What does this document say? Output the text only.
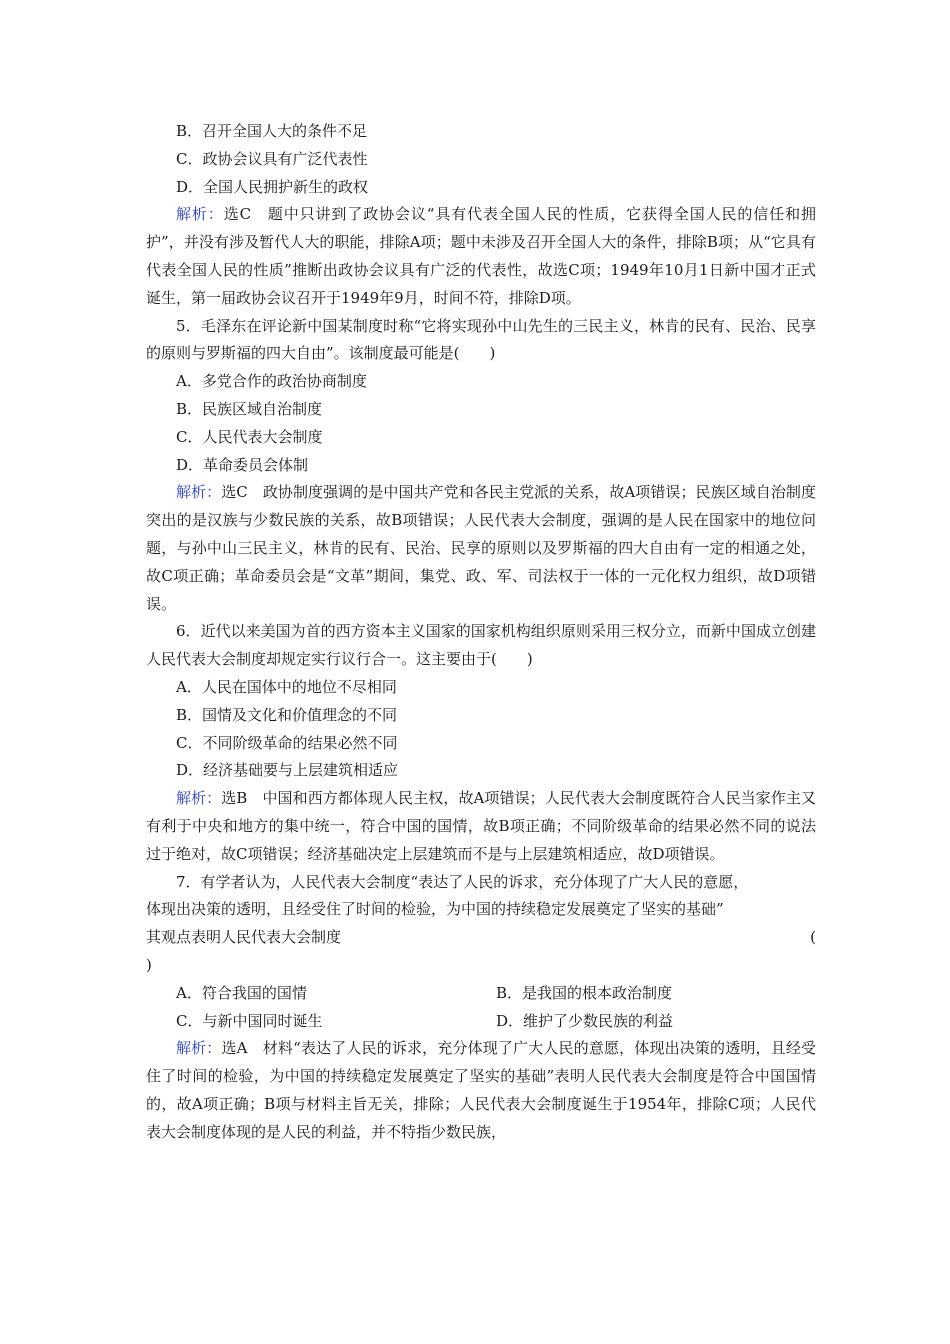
B．召开全国人大的条件不足
C．政协会议具有广泛代表性
D．全国人民拥护新生的政权
解析：选C　题中只讲到了政协会议“具有代表全国人民的性质，它获得全国人民的信任和拥护”，并没有涉及暂代人大的职能，排除A项；题中未涉及召开全国人大的条件，排除B项；从“它具有代表全国人民的性质”推断出政协会议具有广泛的代表性，故选C项；1949年10月1日新中国才正式诞生，第一届政协会议召开于1949年9月，时间不符，排除D项。
5．毛泽东在评论新中国某制度时称“它将实现孙中山先生的三民主义，林肯的民有、民治、民享的原则与罗斯福的四大自由”。该制度最可能是(　　)
A．多党合作的政治协商制度
B．民族区域自治制度
C．人民代表大会制度
D．革命委员会体制
解析：选C　政协制度强调的是中国共产党和各民主党派的关系，故A项错误；民族区域自治制度突出的是汉族与少数民族的关系，故B项错误；人民代表大会制度，强调的是人民在国家中的地位问题，与孙中山三民主义，林肯的民有、民治、民享的原则以及罗斯福的四大自由有一定的相通之处，故C项正确；革命委员会是“文革”期间，集党、政、军、司法权于一体的一元化权力组织，故D项错误。
6．近代以来美国为首的西方资本主义国家的国家机构组织原则采用三权分立，而新中国成立创建人民代表大会制度却规定实行议行合一。这主要由于(　　)
A．人民在国体中的地位不尽相同
B．国情及文化和价值理念的不同
C．不同阶级革命的结果必然不同
D．经济基础要与上层建筑相适应
解析：选B　中国和西方都体现人民主权，故A项错误；人民代表大会制度既符合人民当家作主又有利于中央和地方的集中统一，符合中国的国情，故B项正确；不同阶级革命的结果必然不同的说法过于绝对，故C项错误；经济基础决定上层建筑而不是与上层建筑相适应，故D项错误。
7．有学者认为，人民代表大会制度“表达了人民的诉求，充分体现了广大人民的意愿，
体现出决策的透明，且经受住了时间的检验，为中国的持续稳定发展奠定了坚实的基础”
其观点表明人民代表大会制度	(
)
A．符合我国的国情	B．是我国的根本政治制度
C．与新中国同时诞生	D．维护了少数民族的利益
解析：选A　材料“表达了人民的诉求，充分体现了广大人民的意愿，体现出决策的透明，且经受住了时间的检验，为中国的持续稳定发展奠定了坚实的基础”表明人民代表大会制度是符合中国国情的，故A项正确；B项与材料主旨无关，排除；人民代表大会制度诞生于1954年，排除C项；人民代表大会制度体现的是人民的利益，并不特指少数民族，
